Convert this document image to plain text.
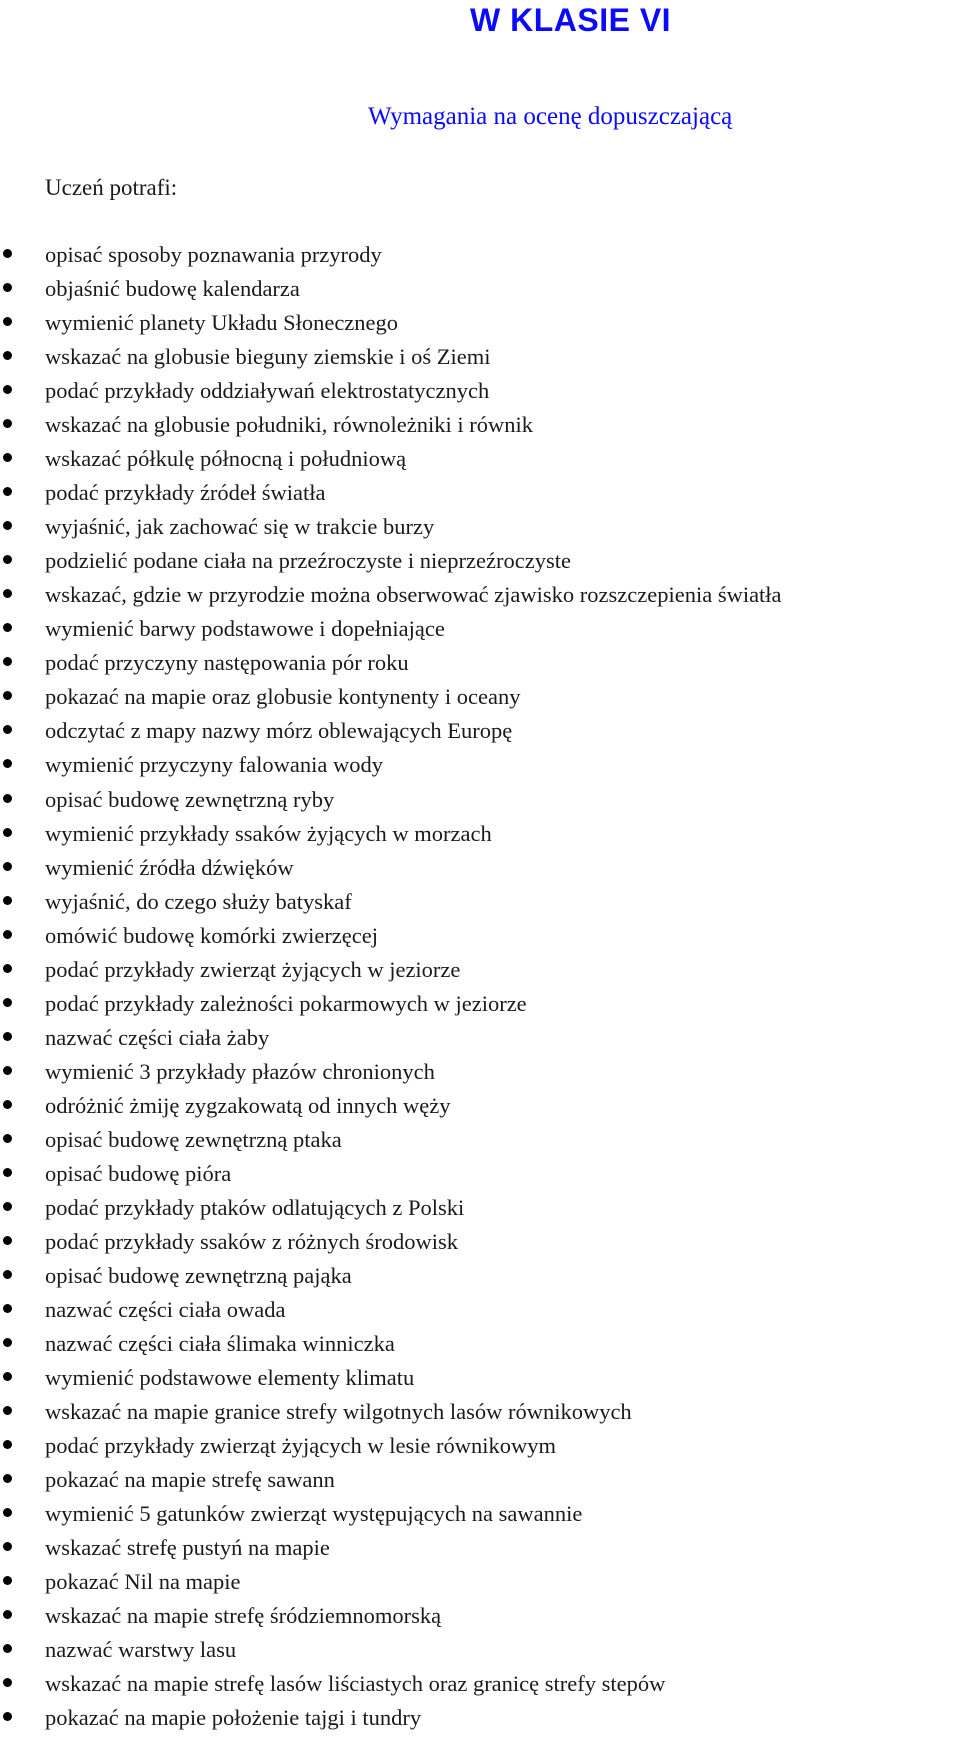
W KLASIE VI
Wymagania na ocenę dopuszczającą

Uczeń potrafi:

opisać sposoby poznawania przyrody
objaśnić budowę kalendarza
wymienić planety Układu Słonecznego
wskazać na globusie bieguny ziemskie i oś Ziemi
podać przykłady oddziaływań elektrostatycznych
wskazać na globusie południki, równoleżniki i równik
wskazać półkulę północną i południową
podać przykłady źródeł światła
wyjaśnić, jak zachować się w trakcie burzy
podzielić podane ciała na przeźroczyste i nieprzeźroczyste
wskazać, gdzie w przyrodzie można obserwować zjawisko rozszczepienia światła
wymienić barwy podstawowe i dopełniające
podać przyczyny następowania pór roku
pokazać na mapie oraz globusie kontynenty i oceany
odczytać z mapy nazwy mórz oblewających Europę
wymienić przyczyny falowania wody
opisać budowę zewnętrzną ryby
wymienić przykłady ssaków żyjących w morzach
wymienić źródła dźwięków
wyjaśnić, do czego służy batyskaf
omówić budowę komórki zwierzęcej
podać przykłady zwierząt żyjących w jeziorze
podać przykłady zależności pokarmowych w jeziorze
nazwać części ciała żaby
wymienić 3 przykłady płazów chronionych
odróżnić żmiję zygzakowatą od innych węży
opisać budowę zewnętrzną ptaka
opisać budowę pióra
podać przykłady ptaków odlatujących z Polski
podać przykłady ssaków z różnych środowisk
opisać budowę zewnętrzną pająka
nazwać części ciała owada
nazwać części ciała ślimaka winniczka
wymienić podstawowe elementy klimatu
wskazać na mapie granice strefy wilgotnych lasów równikowych
podać przykłady zwierząt żyjących w lesie równikowym
pokazać na mapie strefę sawann
wymienić 5 gatunków zwierząt występujących na sawannie
wskazać strefę pustyń na mapie
pokazać Nil na mapie
wskazać na mapie strefę śródziemnomorską
nazwać warstwy lasu
wskazać na mapie strefę lasów liściastych oraz granicę strefy stepów
pokazać na mapie położenie tajgi i tundry
